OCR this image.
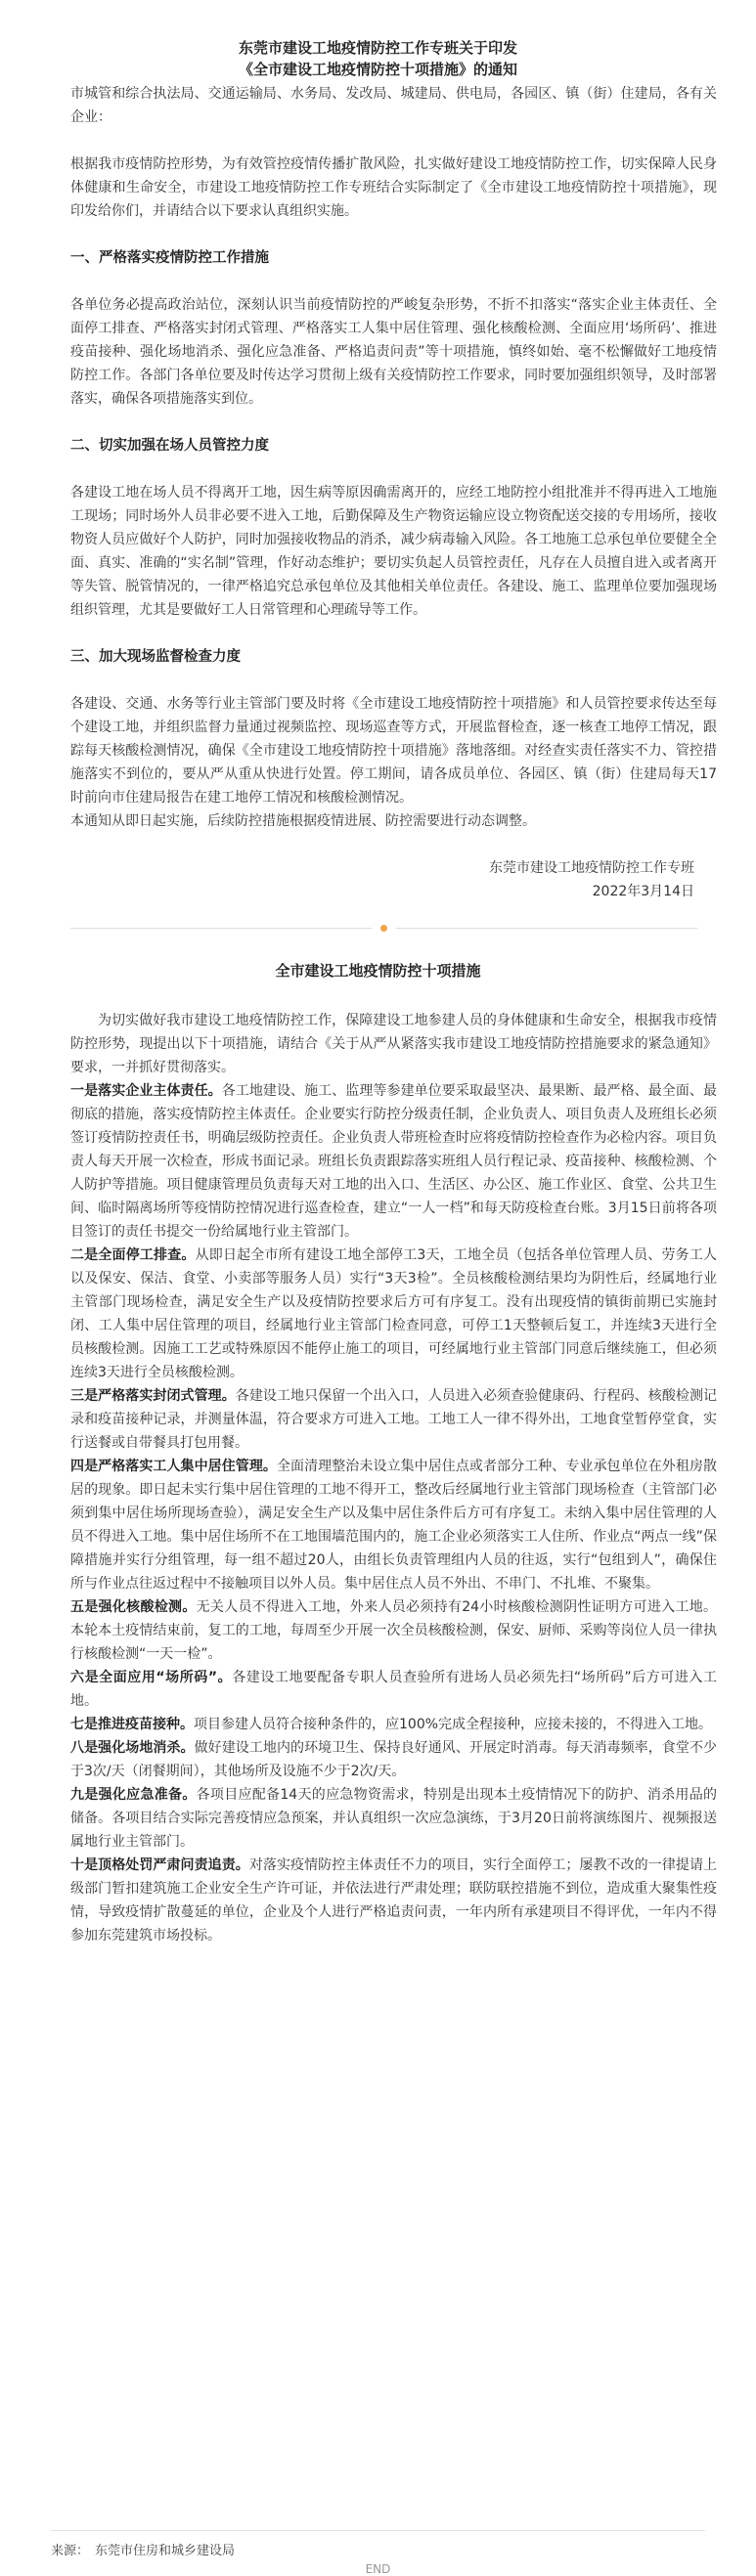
东莞市建设工地疫情防控工作专班关于印发

《全市建设工地疫情防控十项措施》的通知

市城管和综合执法局、交通运输局、水务局、发改局、城建局、供电局，各园区、镇（街）住建局，各有关企业：

根据我市疫情防控形势，为有效管控疫情传播扩散风险，扎实做好建设工地疫情防控工作，切实保障人民身体健康和生命安全，市建设工地疫情防控工作专班结合实际制定了《全市建设工地疫情防控十项措施》，现印发给你们，并请结合以下要求认真组织实施。

一、严格落实疫情防控工作措施

各单位务必提高政治站位，深刻认识当前疫情防控的严峻复杂形势，不折不扣落实“落实企业主体责任、全面停工排查、严格落实封闭式管理、严格落实工人集中居住管理、强化核酸检测、全面应用‘场所码’、推进疫苗接种、强化场地消杀、强化应急准备、严格追责问责”等十项措施，慎终如始、毫不松懈做好工地疫情防控工作。各部门各单位要及时传达学习贯彻上级有关疫情防控工作要求，同时要加强组织领导，及时部署落实，确保各项措施落实到位。

二、切实加强在场人员管控力度

各建设工地在场人员不得离开工地，因生病等原因确需离开的，应经工地防控小组批准并不得再进入工地施工现场；同时场外人员非必要不进入工地，后勤保障及生产物资运输应设立物资配送交接的专用场所，接收物资人员应做好个人防护，同时加强接收物品的消杀，减少病毒输入风险。各工地施工总承包单位要健全全面、真实、准确的“实名制”管理，作好动态维护；要切实负起人员管控责任，凡存在人员擅自进入或者离开等失管、脱管情况的，一律严格追究总承包单位及其他相关单位责任。各建设、施工、监理单位要加强现场组织管理，尤其是要做好工人日常管理和心理疏导等工作。

三、加大现场监督检查力度

各建设、交通、水务等行业主管部门要及时将《全市建设工地疫情防控十项措施》和人员管控要求传达至每个建设工地，并组织监督力量通过视频监控、现场巡查等方式，开展监督检查，逐一核查工地停工情况，跟踪每天核酸检测情况，确保《全市建设工地疫情防控十项措施》落地落细。对经查实责任落实不力、管控措施落实不到位的，要从严从重从快进行处置。停工期间，请各成员单位、各园区、镇（街）住建局每天17时前向市住建局报告在建工地停工情况和核酸检测情况。

本通知从即日起实施，后续防控措施根据疫情进展、防控需要进行动态调整。

东莞市建设工地疫情防控工作专班

2022年3月14日

全市建设工地疫情防控十项措施

为切实做好我市建设工地疫情防控工作，保障建设工地参建人员的身体健康和生命安全，根据我市疫情防控形势，现提出以下十项措施，请结合《关于从严从紧落实我市建设工地疫情防控措施要求的紧急通知》要求，一并抓好贯彻落实。

一是落实企业主体责任。各工地建设、施工、监理等参建单位要采取最坚决、最果断、最严格、最全面、最彻底的措施，落实疫情防控主体责任。企业要实行防控分级责任制，企业负责人、项目负责人及班组长必须签订疫情防控责任书，明确层级防控责任。企业负责人带班检查时应将疫情防控检查作为必检内容。项目负责人每天开展一次检查，形成书面记录。班组长负责跟踪落实班组人员行程记录、疫苗接种、核酸检测、个人防护等措施。项目健康管理员负责每天对工地的出入口、生活区、办公区、施工作业区、食堂、公共卫生间、临时隔离场所等疫情防控情况进行巡查检查，建立“一人一档”和每天防疫检查台账。3月15日前将各项目签订的责任书提交一份给属地行业主管部门。

二是全面停工排查。从即日起全市所有建设工地全部停工3天，工地全员（包括各单位管理人员、劳务工人以及保安、保洁、食堂、小卖部等服务人员）实行“3天3检”。全员核酸检测结果均为阴性后，经属地行业主管部门现场检查，满足安全生产以及疫情防控要求后方可有序复工。没有出现疫情的镇街前期已实施封闭、工人集中居住管理的项目，经属地行业主管部门检查同意，可停工1天整顿后复工，并连续3天进行全员核酸检测。因施工工艺或特殊原因不能停止施工的项目，可经属地行业主管部门同意后继续施工，但必须连续3天进行全员核酸检测。

三是严格落实封闭式管理。各建设工地只保留一个出入口，人员进入必须查验健康码、行程码、核酸检测记录和疫苗接种记录，并测量体温，符合要求方可进入工地。工地工人一律不得外出，工地食堂暂停堂食，实行送餐或自带餐具打包用餐。

四是严格落实工人集中居住管理。全面清理整治未设立集中居住点或者部分工种、专业承包单位在外租房散居的现象。即日起未实行集中居住管理的工地不得开工，整改后经属地行业主管部门现场检查（主管部门必须到集中居住场所现场查验），满足安全生产以及集中居住条件后方可有序复工。未纳入集中居住管理的人员不得进入工地。集中居住场所不在工地围墙范围内的，施工企业必须落实工人住所、作业点“两点一线”保障措施并实行分组管理，每一组不超过20人，由组长负责管理组内人员的往返，实行“包组到人”，确保住所与作业点往返过程中不接触项目以外人员。集中居住点人员不外出、不串门、不扎堆、不聚集。

五是强化核酸检测。无关人员不得进入工地，外来人员必须持有24小时核酸检测阴性证明方可进入工地。本轮本土疫情结束前，复工的工地，每周至少开展一次全员核酸检测，保安、厨师、采购等岗位人员一律执行核酸检测“一天一检”。

六是全面应用“场所码”。各建设工地要配备专职人员查验所有进场人员必须先扫“场所码”后方可进入工地。

七是推进疫苗接种。项目参建人员符合接种条件的，应100%完成全程接种，应接未接的，不得进入工地。

八是强化场地消杀。做好建设工地内的环境卫生、保持良好通风、开展定时消毒。每天消毒频率，食堂不少于3次/天（闭餐期间），其他场所及设施不少于2次/天。

九是强化应急准备。各项目应配备14天的应急物资需求，特别是出现本土疫情情况下的防护、消杀用品的储备。各项目结合实际完善疫情应急预案，并认真组织一次应急演练，于3月20日前将演练图片、视频报送属地行业主管部门。

十是顶格处罚严肃问责追责。对落实疫情防控主体责任不力的项目，实行全面停工；屡教不改的一律提请上级部门暂扣建筑施工企业安全生产许可证，并依法进行严肃处理；联防联控措施不到位，造成重大聚集性疫情，导致疫情扩散蔓延的单位，企业及个人进行严格追责问责，一年内所有承建项目不得评优，一年内不得参加东莞建筑市场投标。

来源： 东莞市住房和城乡建设局
END
